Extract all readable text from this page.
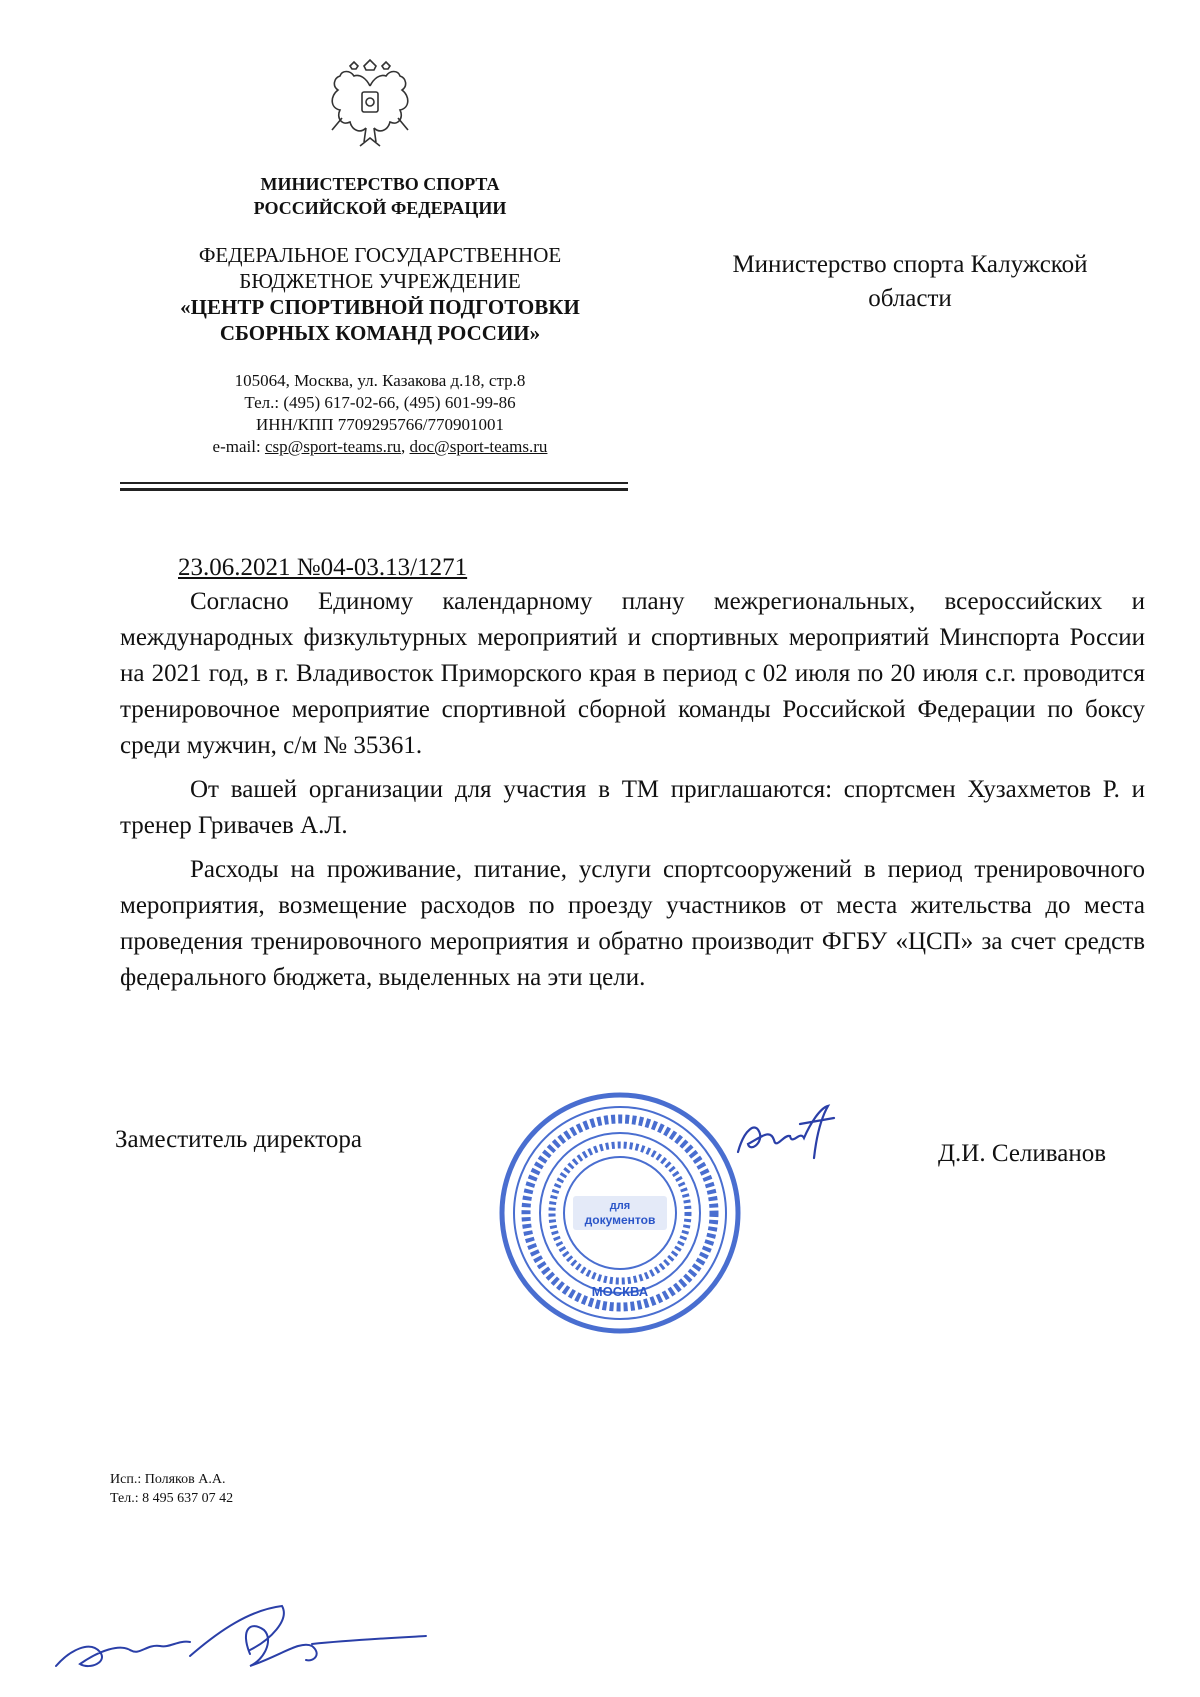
МИНИСТЕРСТВО СПОРТА
РОССИЙСКОЙ ФЕДЕРАЦИИ
ФЕДЕРАЛЬНОЕ ГОСУДАРСТВЕННОЕ
БЮДЖЕТНОЕ УЧРЕЖДЕНИЕ
«ЦЕНТР СПОРТИВНОЙ ПОДГОТОВКИ
СБОРНЫХ КОМАНД РОССИИ»
105064, Москва, ул. Казакова д.18, стр.8
Тел.: (495) 617-02-66, (495) 601-99-86
ИНН/КПП 7709295766/770901001
e-mail: csp@sport-teams.ru, doc@sport-teams.ru
Министерство спорта Калужской
области
23.06.2021 №04-03.13/1271

Согласно Единому календарному плану межрегиональных, всероссийских и международных физкультурных мероприятий и спортивных мероприятий Минспорта России на 2021 год, в г. Владивосток Приморского края в период с 02 июля по 20 июля с.г. проводится тренировочное мероприятие спортивной сборной команды Российской Федерации по боксу среди мужчин, с/м № 35361.

От вашей организации для участия в ТМ приглашаются: спортсмен Хузахметов Р. и тренер Гривачев А.Л.

Расходы на проживание, питание, услуги спортсооружений в период тренировочного мероприятия, возмещение расходов по проезду участников от места жительства до места проведения тренировочного мероприятия и обратно производит ФГБУ «ЦСП» за счет средств федерального бюджета, выделенных на эти цели.

Заместитель директора
для
документов
МОСКВА
Д.И. Селиванов
Исп.: Поляков А.А.
Тел.: 8 495 637 07 42
